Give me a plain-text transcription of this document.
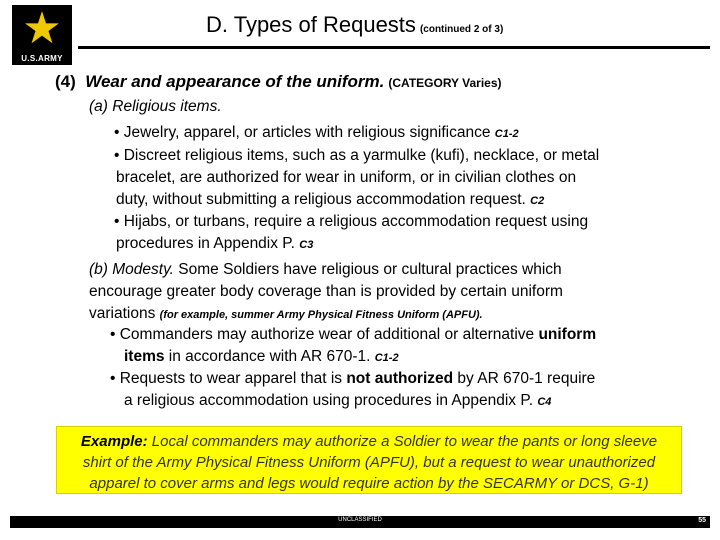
★
U.S.ARMY
D. Types of Requests (continued 2 of 3)
(4) Wear and appearance of the uniform. (CATEGORY Varies)
(a) Religious items.
• Jewelry, apparel, or articles with religious significance C1-2
• Discreet religious items, such as a yarmulke (kufi), necklace, or metal
bracelet, are authorized for wear in uniform, or in civilian clothes on
duty, without submitting a religious accommodation request. C2
• Hijabs, or turbans, require a religious accommodation request using
procedures in Appendix P. C3
(b) Modesty. Some Soldiers have religious or cultural practices which
encourage greater body coverage than is provided by certain uniform
variations (for example, summer Army Physical Fitness Uniform (APFU).
• Commanders may authorize wear of additional or alternative uniform
items in accordance with AR 670-1. C1-2
• Requests to wear apparel that is not authorized by AR 670-1 require
a religious accommodation using procedures in Appendix P. C4
Example: Local commanders may authorize a Soldier to wear the pants or long sleeve
shirt of the Army Physical Fitness Uniform (APFU), but a request to wear unauthorized
apparel to cover arms and legs would require action by the SECARMY or DCS, G-1)
UNCLASSIFIED	55
